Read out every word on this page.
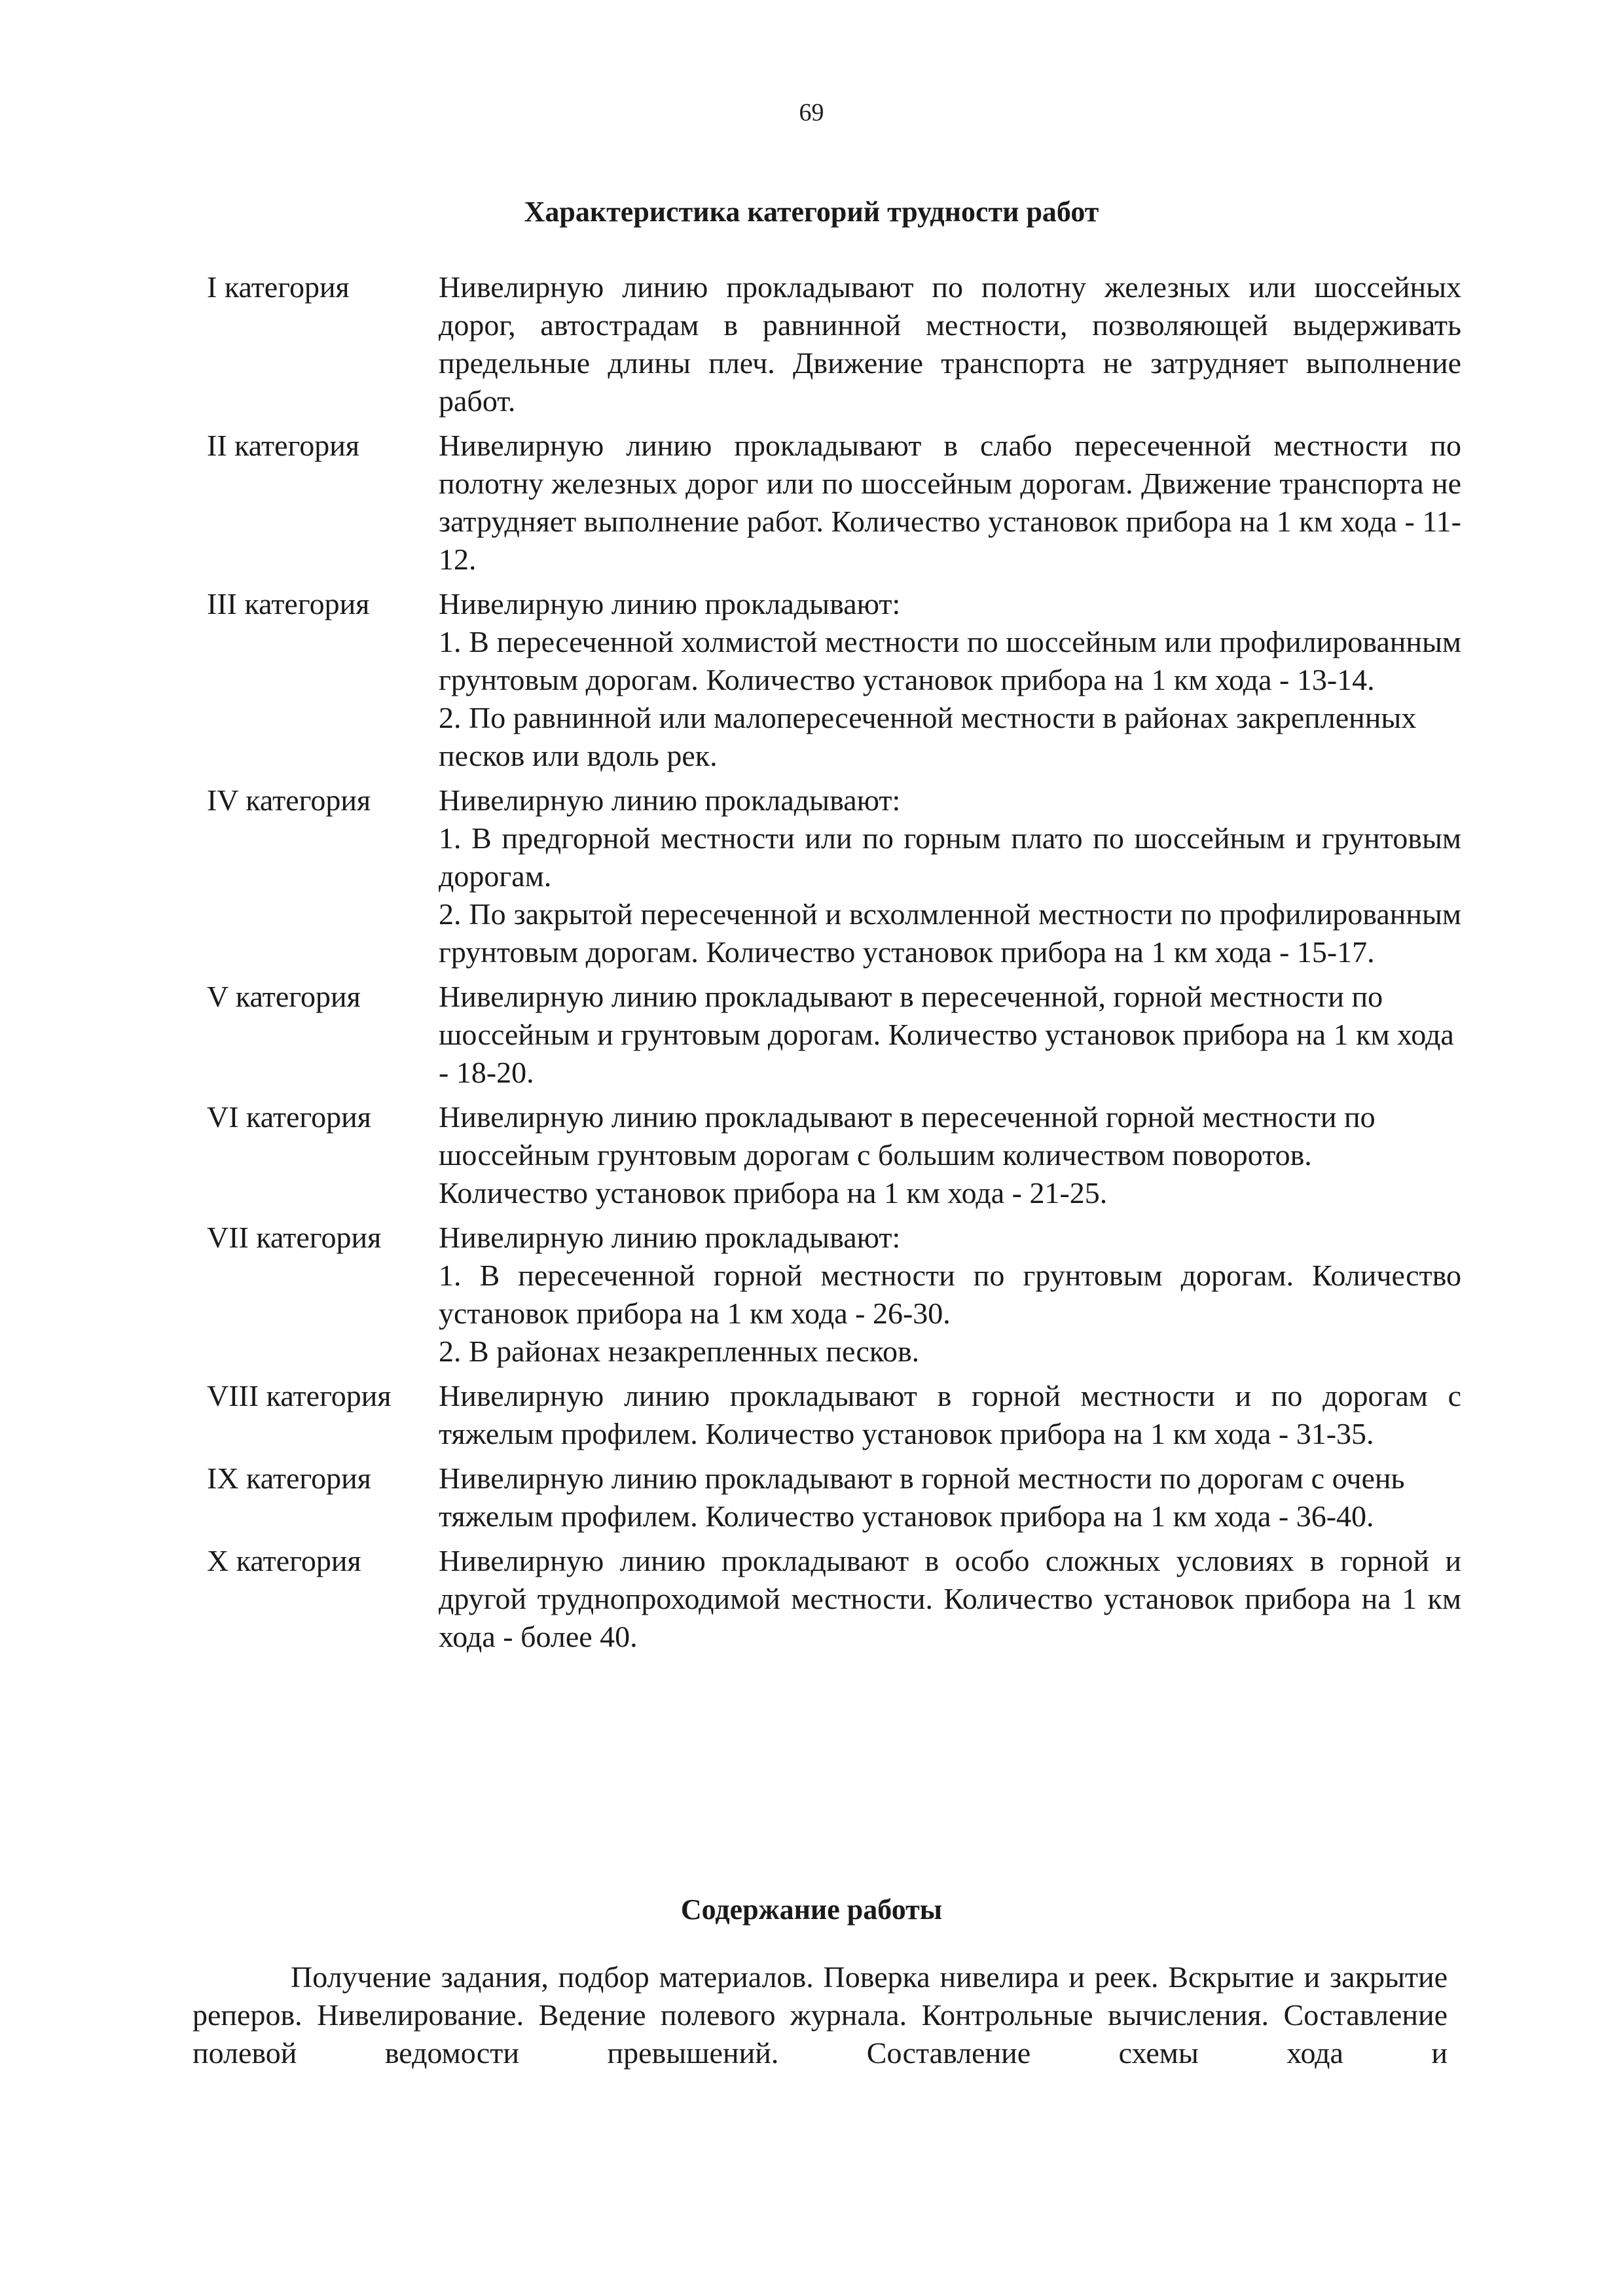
69
Характеристика категорий трудности работ
I категория	Нивелирную линию прокладывают по полотну железных или шоссейных дорог, автострадам в равнинной местности, позволяющей выдерживать предельные длины плеч. Движение транспорта не затрудняет выполнение работ.

II категория	Нивелирную линию прокладывают в слабо пересеченной местности по полотну железных дорог или по шоссейным дорогам. Движение транспорта не затрудняет выполнение работ. Количество установок прибора на 1 км хода - 11-12.

III категория	Нивелирную линию прокладывают:

1. В пересеченной холмистой местности по шоссейным или профилированным грунтовым дорогам. Количество установок прибора на 1 км хода - 13-14.

2. По равнинной или малопересеченной местности в районах закрепленных песков или вдоль рек.

IV категория	Нивелирную линию прокладывают:

1. В предгорной местности или по горным плато по шоссейным и грунтовым дорогам.

2. По закрытой пересеченной и всхолмленной местности по профилированным грунтовым дорогам. Количество установок прибора на 1 км хода - 15-17.

V категория	Нивелирную линию прокладывают в пересеченной, горной местности по шоссейным и грунтовым дорогам. Количество установок прибора на 1 км хода - 18-20.

VI категория	Нивелирную линию прокладывают в пересеченной горной местности по шоссейным грунтовым дорогам с большим количеством поворотов. Количество установок прибора на 1 км хода - 21-25.

VII категория	Нивелирную линию прокладывают:

1. В пересеченной горной местности по грунтовым дорогам. Количество установок прибора на 1 км хода - 26-30.

2. В районах незакрепленных песков.

VIII категория	Нивелирную линию прокладывают в горной местности и по дорогам с тяжелым профилем. Количество установок прибора на 1 км хода - 31-35.

IX категория	Нивелирную линию прокладывают в горной местности по дорогам с очень тяжелым профилем. Количество установок прибора на 1 км хода - 36-40.

X категория	Нивелирную линию прокладывают в особо сложных условиях в горной и другой труднопроходимой местности. Количество установок прибора на 1 км хода - более 40.

Содержание работы

Получение задания, подбор материалов. Поверка нивелира и реек. Вскрытие и закрытие реперов. Нивелирование. Ведение полевого журнала. Контрольные вычисления. Составление полевой ведомости превышений. Составление схемы хода и
